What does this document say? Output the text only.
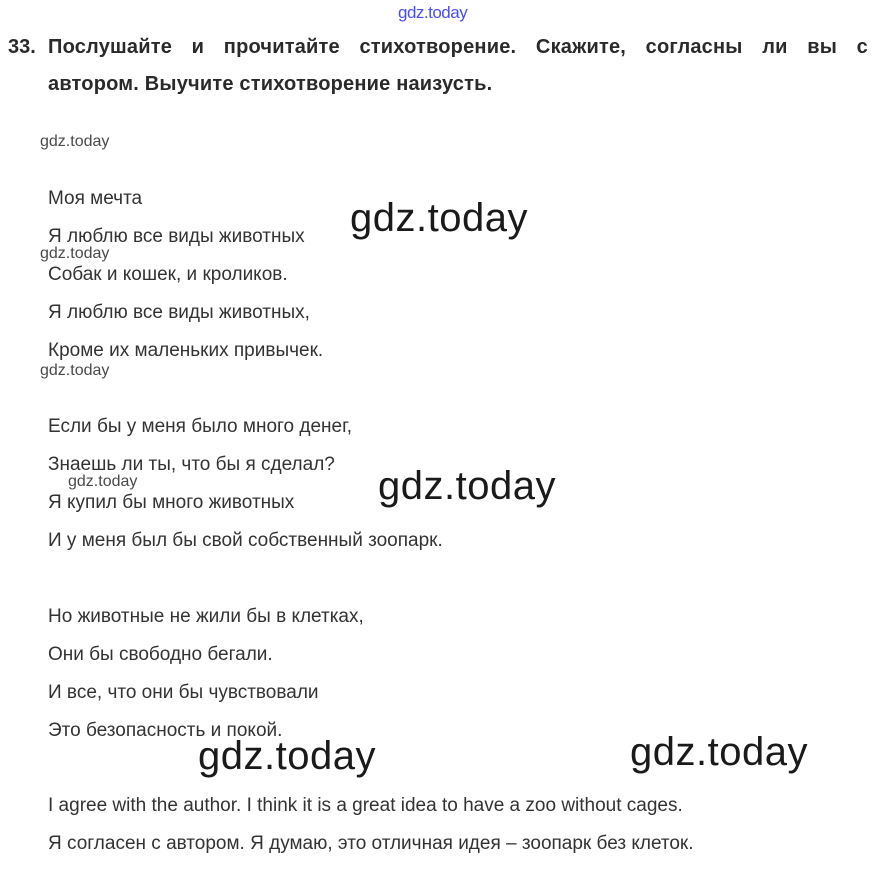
gdz.today
33. Послушайте и прочитайте стихотворение. Скажите, согласны ли вы с
автором. Выучите стихотворение наизусть.
gdz.today
gdz.today
gdz.today
gdz.today
Моя мечта
Я люблю все виды животных
Собак и кошек, и кроликов.
Я люблю все виды животных,
Кроме их маленьких привычек.
Если бы у меня было много денег,
Знаешь ли ты, что бы я сделал?
Я купил бы много животных
И у меня был бы свой собственный зоопарк.
Но животные не жили бы в клетках,
Они бы свободно бегали.
И все, что они бы чувствовали
Это безопасность и покой.
I agree with the author. I think it is a great idea to have a zoo without cages.
Я согласен с автором. Я думаю, это отличная идея – зоопарк без клеток.
gdz.today
gdz.today
gdz.today	gdz.today
